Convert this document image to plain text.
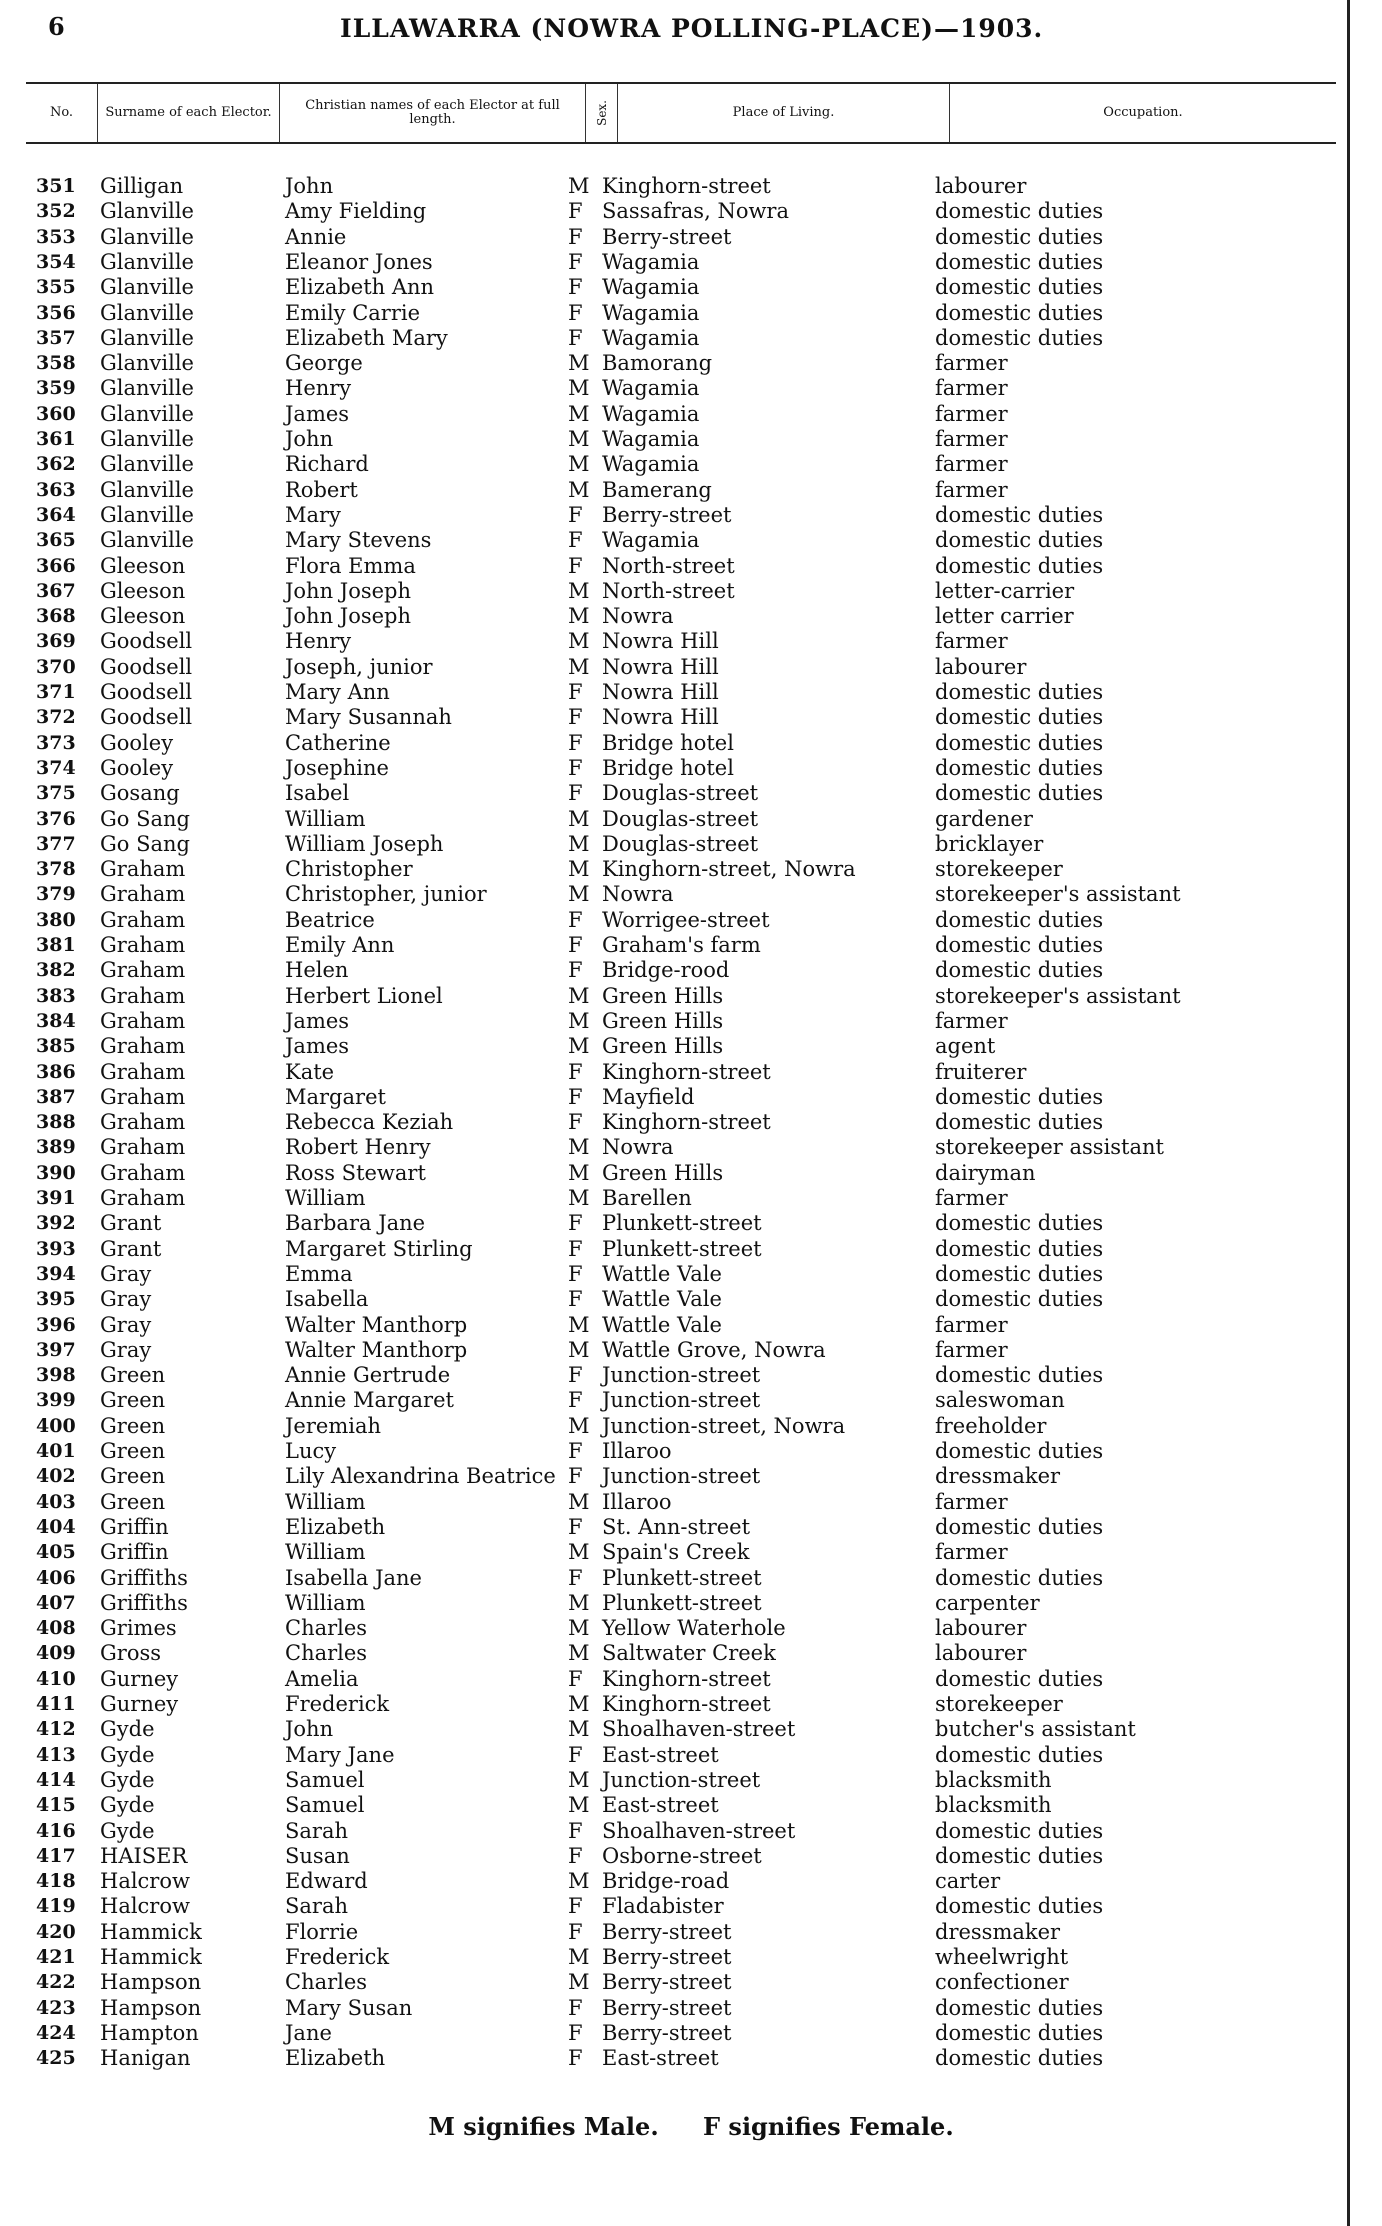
6	ILLAWARRA (NOWRA POLLING-PLACE)—1903.
No.	Surname of each Elector.	Christian names of each Elector at full length.	Sex.	Place of Living.	Occupation.
351 Gilligan	John	M Kinghorn-street	labourer
352 Glanville	Amy Fielding	F Sassafras, Nowra	domestic duties
353 Glanville	Annie	F Berry-street	domestic duties
354 Glanville	Eleanor Jones	F Wagamia	domestic duties
355 Glanville	Elizabeth Ann	F Wagamia	domestic duties
356 Glanville	Emily Carrie	F Wagamia	domestic duties
357 Glanville	Elizabeth Mary	F Wagamia	domestic duties
358 Glanville	George	M Bamorang	farmer
359 Glanville	Henry	M Wagamia	farmer
360 Glanville	James	M Wagamia	farmer
361 Glanville	John	M Wagamia	farmer
362 Glanville	Richard	M Wagamia	farmer
363 Glanville	Robert	M Bamerang	farmer
364 Glanville	Mary	F Berry-street	domestic duties
365 Glanville	Mary Stevens	F Wagamia	domestic duties
366 Gleeson	Flora Emma	F North-street	domestic duties
367 Gleeson	John Joseph	M North-street	letter-carrier
368 Gleeson	John Joseph	M Nowra	letter carrier
369 Goodsell	Henry	M Nowra Hill	farmer
370 Goodsell	Joseph, junior	M Nowra Hill	labourer
371 Goodsell	Mary Ann	F Nowra Hill	domestic duties
372 Goodsell	Mary Susannah	F Nowra Hill	domestic duties
373 Gooley	Catherine	F Bridge hotel	domestic duties
374 Gooley	Josephine	F Bridge hotel	domestic duties
375 Gosang	Isabel	F Douglas-street	domestic duties
376 Go Sang	William	M Douglas-street	gardener
377 Go Sang	William Joseph	M Douglas-street	bricklayer
378 Graham	Christopher	M Kinghorn-street, Nowra	storekeeper
379 Graham	Christopher, junior	M Nowra	storekeeper's assistant
380 Graham	Beatrice	F Worrigee-street	domestic duties
381 Graham	Emily Ann	F Graham's farm	domestic duties
382 Graham	Helen	F Bridge-rood	domestic duties
383 Graham	Herbert Lionel	M Green Hills	storekeeper's assistant
384 Graham	James	M Green Hills	farmer
385 Graham	James	M Green Hills	agent
386 Graham	Kate	F Kinghorn-street	fruiterer
387 Graham	Margaret	F Mayfield	domestic duties
388 Graham	Rebecca Keziah	F Kinghorn-street	domestic duties
389 Graham	Robert Henry	M Nowra	storekeeper assistant
390 Graham	Ross Stewart	M Green Hills	dairyman
391 Graham	William	M Barellen	farmer
392 Grant	Barbara Jane	F Plunkett-street	domestic duties
393 Grant	Margaret Stirling	F Plunkett-street	domestic duties
394 Gray	Emma	F Wattle Vale	domestic duties
395 Gray	Isabella	F Wattle Vale	domestic duties
396 Gray	Walter Manthorp	M Wattle Vale	farmer
397 Gray	Walter Manthorp	M Wattle Grove, Nowra	farmer
398 Green	Annie Gertrude	F Junction-street	domestic duties
399 Green	Annie Margaret	F Junction-street	saleswoman
400 Green	Jeremiah	M Junction-street, Nowra	freeholder
401 Green	Lucy	F Illaroo	domestic duties
402 Green	Lily Alexandrina Beatrice F Junction-street	dressmaker
403 Green	William	M Illaroo	farmer
404 Griffin	Elizabeth	F St. Ann-street	domestic duties
405 Griffin	William	M Spain's Creek	farmer
406 Griffiths	Isabella Jane	F Plunkett-street	domestic duties
407 Griffiths	William	M Plunkett-street	carpenter
408 Grimes	Charles	M Yellow Waterhole	labourer
409 Gross	Charles	M Saltwater Creek	labourer
410 Gurney	Amelia	F Kinghorn-street	domestic duties
411 Gurney	Frederick	M Kinghorn-street	storekeeper
412 Gyde	John	M Shoalhaven-street	butcher's assistant
413 Gyde	Mary Jane	F East-street	domestic duties
414 Gyde	Samuel	M Junction-street	blacksmith
415 Gyde	Samuel	M East-street	blacksmith
416 Gyde	Sarah	F Shoalhaven-street	domestic duties
417 HAISER	Susan	F Osborne-street	domestic duties
418 Halcrow	Edward	M Bridge-road	carter
419 Halcrow	Sarah	F Fladabister	domestic duties
420 Hammick	Florrie	F Berry-street	dressmaker
421 Hammick	Frederick	M Berry-street	wheelwright
422 Hampson	Charles	M Berry-street	confectioner
423 Hampson	Mary Susan	F Berry-street	domestic duties
424 Hampton	Jane	F Berry-street	domestic duties
425 Hanigan	Elizabeth	F East-street	domestic duties
M signifies Male. F signifies Female.
